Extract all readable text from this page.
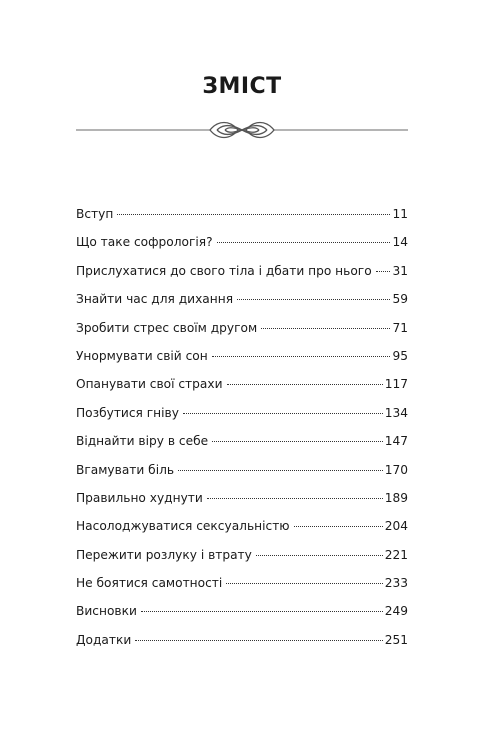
ЗМІСТ
Вступ	11
Що таке софрологія?	14
Прислухатися до свого тіла і дбати про нього 31
Знайти час для дихання	59
Зробити стрес своїм другом	71
Унормувати свій сон	95
Опанувати свої страхи	117
Позбутися гніву	134
Віднайти віру в себе	147
Вгамувати біль	170
Правильно худнути	189
Насолоджуватися сексуальністю	204
Пережити розлуку і втрату	221
Не боятися самотності	233
Висновки	249
Додатки	251
